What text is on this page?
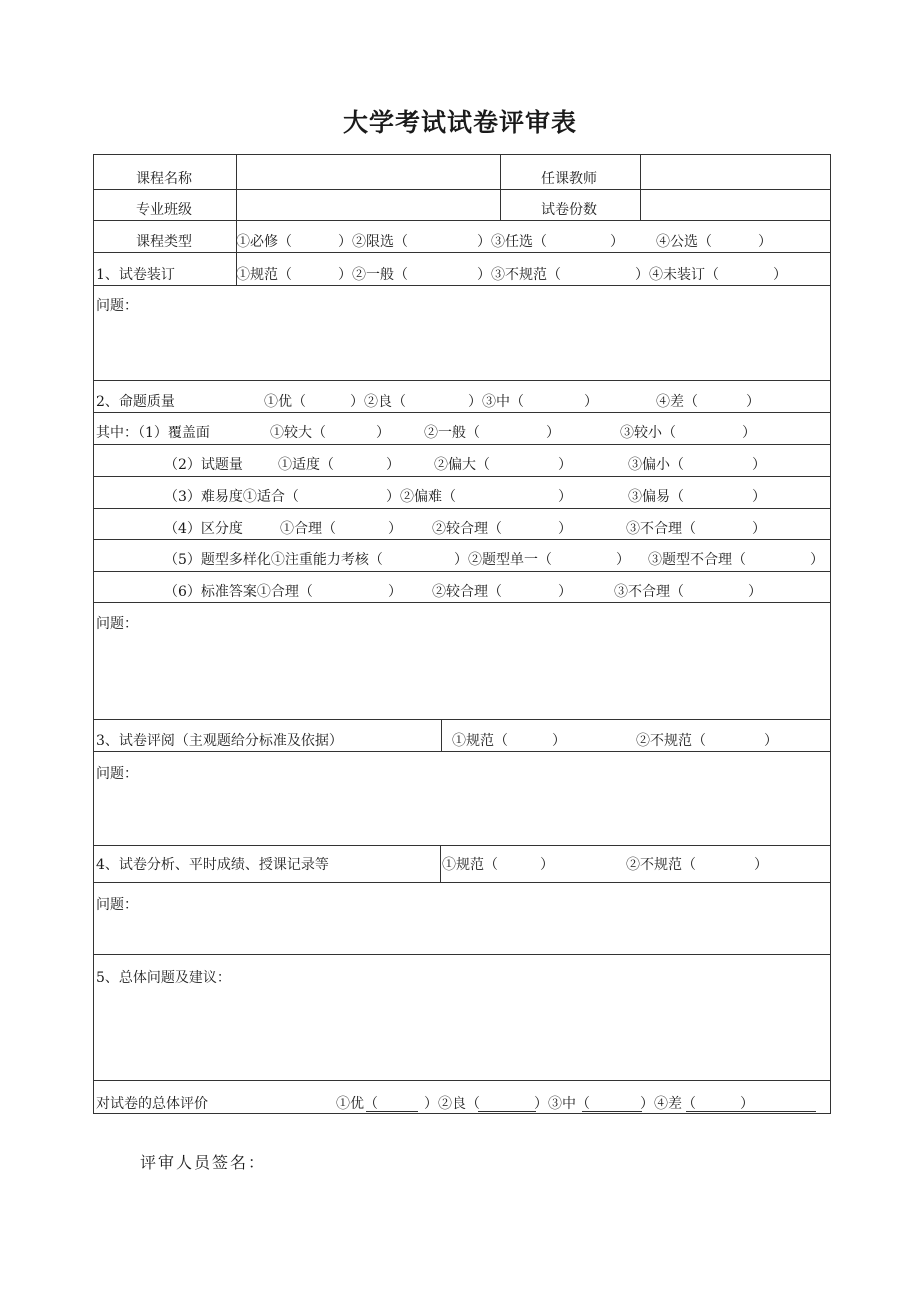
大学考试试卷评审表
课程名称	任课教师
专业班级	试卷份数
课程类型	①必修（	）②限选（	）③任选（	） ④公选（	）
1、试卷装订	①规范（	）②一般（	）③不规范（	）④未装订（	）
问题：
2、命题质量	①优（	）②良（	）③中（	）	④差（	）
其中：（1）覆盖面	①较大（	） ②一般（	）	③较小（	）
（2）试题量	①适度（	） ②偏大（	）	③偏小（	）
（3）难易度①适合（	）②偏难（	）	③偏易（	）
（4）区分度	①合理（	） ②较合理（	）	③不合理（	）
（5）题型多样化①注重能力考核（	）②题型单一（	） ③题型不合理（	）
（6）标准答案①合理（	） ②较合理（	）	③不合理（	）
问题：
3、试卷评阅（主观题给分标准及依据）	①规范（	）	②不规范（	）
问题：
4、试卷分析、平时成绩、授课记录等	①规范（	）	②不规范（	）
问题：
5、总体问题及建议：
对试卷的总体评价	①优（	）②良（	）③中（	）④差（	）
评审人员签名：
